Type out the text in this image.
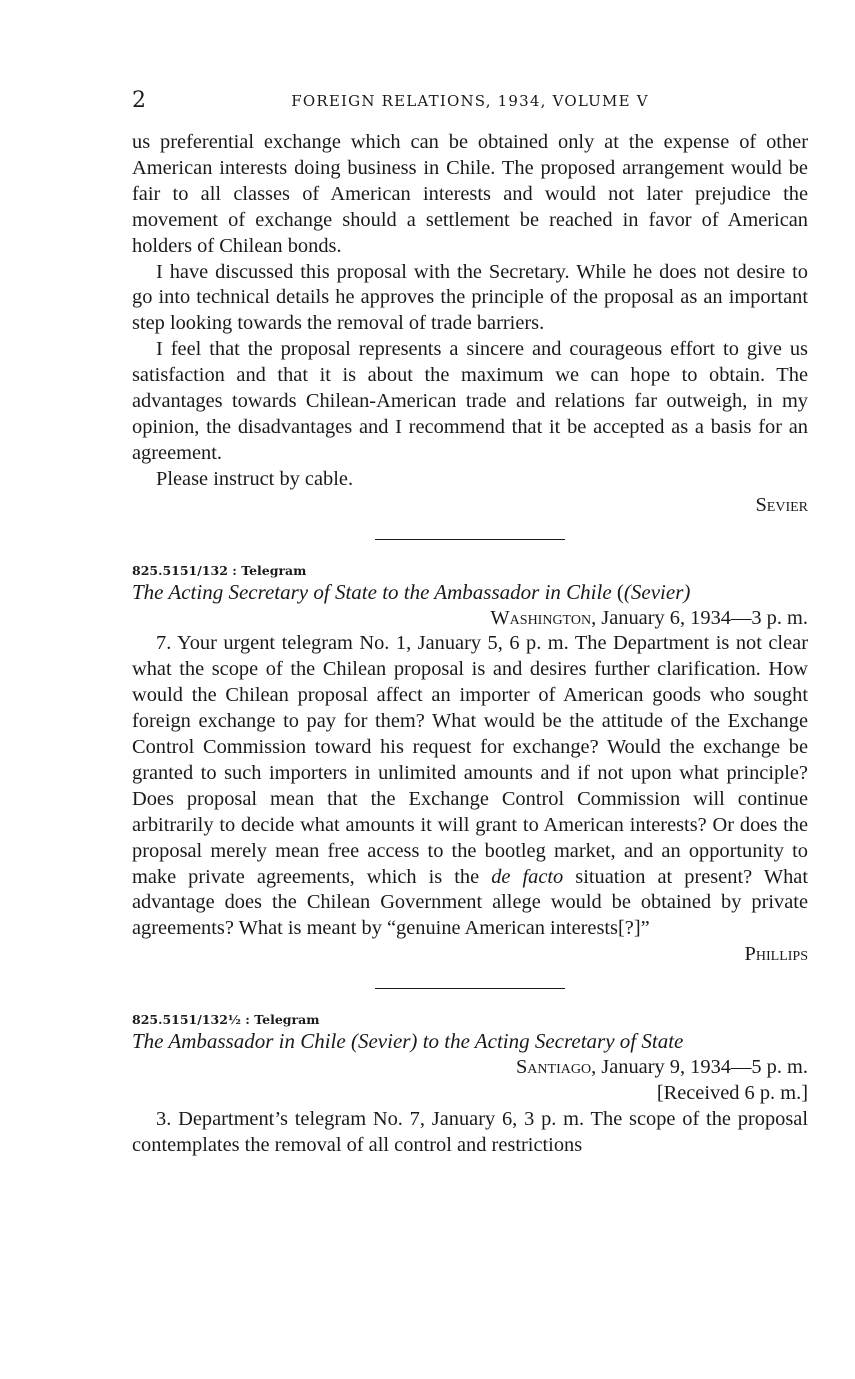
2	FOREIGN RELATIONS, 1934, VOLUME V

us preferential exchange which can be obtained only at the expense of other American interests doing business in Chile. The proposed arrangement would be fair to all classes of American interests and would not later prejudice the movement of exchange should a settlement be reached in favor of American holders of Chilean bonds.

I have discussed this proposal with the Secretary. While he does not desire to go into technical details he approves the principle of the proposal as an important step looking towards the removal of trade barriers.

I feel that the proposal represents a sincere and courageous effort to give us satisfaction and that it is about the maximum we can hope to obtain. The advantages towards Chilean-American trade and relations far outweigh, in my opinion, the disadvantages and I recommend that it be accepted as a basis for an agreement.

Please instruct by cable.

Sevier

825.5151/132 : Telegram

The Acting Secretary of State to the Ambassador in Chile ((Sevier)

Washington, January 6, 1934—3 p. m.

7. Your urgent telegram No. 1, January 5, 6 p. m. The Department is not clear what the scope of the Chilean proposal is and desires further clarification. How would the Chilean proposal affect an importer of American goods who sought foreign exchange to pay for them? What would be the attitude of the Exchange Control Commission toward his request for exchange? Would the exchange be granted to such importers in unlimited amounts and if not upon what principle? Does proposal mean that the Exchange Control Commission will continue arbitrarily to decide what amounts it will grant to American interests? Or does the proposal merely mean free access to the bootleg market, and an opportunity to make private agreements, which is the de facto situation at present? What advantage does the Chilean Government allege would be obtained by private agreements? What is meant by “genuine American interests[?]”

Phillips

825.5151/132½ : Telegram

The Ambassador in Chile (Sevier) to the Acting Secretary of State

Santiago, January 9, 1934—5 p. m.

[Received 6 p. m.]

3. Department’s telegram No. 7, January 6, 3 p. m. The scope of the proposal contemplates the removal of all control and restrictions
